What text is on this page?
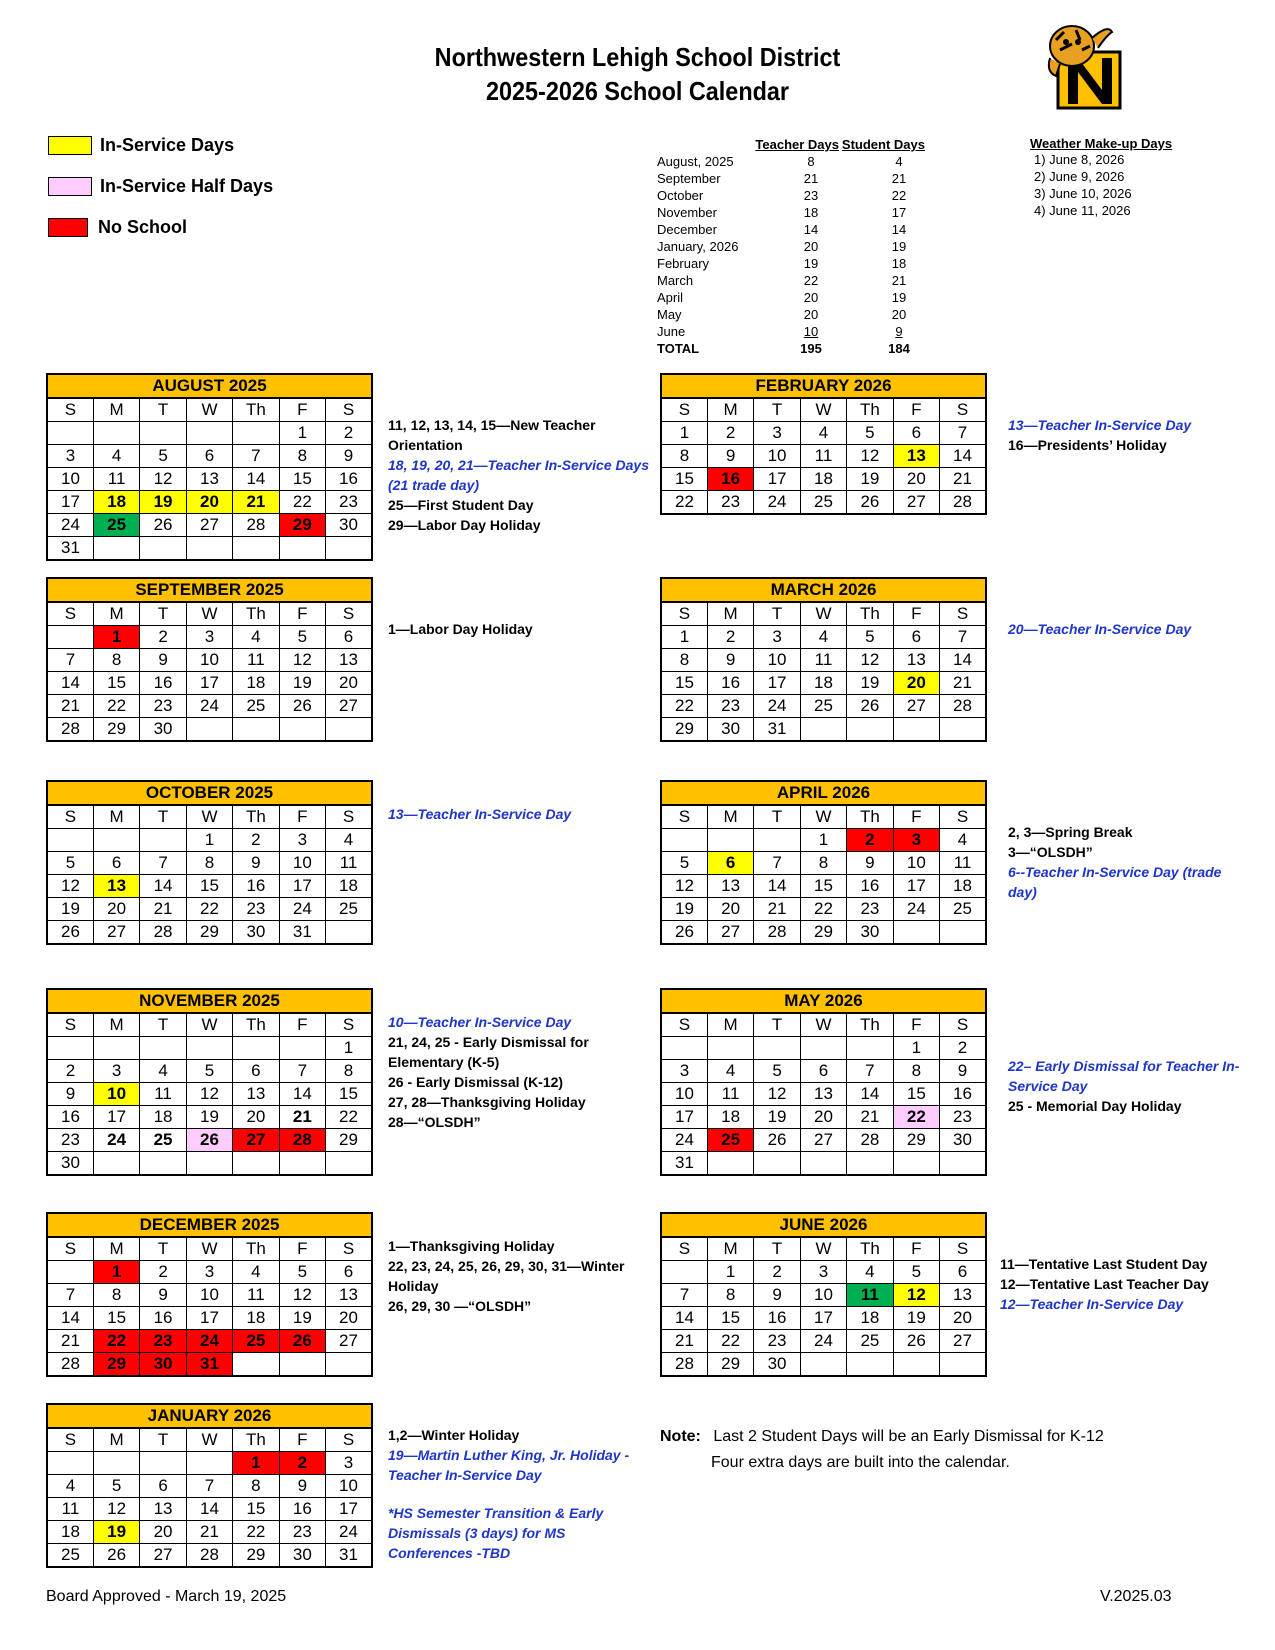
Northwestern Lehigh School District
2025-2026 School Calendar
In-Service Days
In-Service Half Days
No School
	Teacher Days	Student Days
August, 2025	8	4
September	21	21
October	23	22
November	18	17
December	14	14
January, 2026	20	19
February	19	18
March	22	21
April	20	19
May	20	20
June	10	9
TOTAL	195	184
Weather Make-up Days
1) June 8, 2026
2) June 9, 2026
3) June 10, 2026
4) June 11, 2026
AUGUST 2025
S	M	T	W	Th	F	S
					1	2
3	4	5	6	7	8	9
10	11	12	13	14	15	16
17	18	19	20	21	22	23
24	25	26	27	28	29	30
31						
11, 12, 13, 14, 15—New Teacher Orientation
18, 19, 20, 21—Teacher In-Service Days (21 trade day)
25—First Student Day
29—Labor Day Holiday
SEPTEMBER 2025
S	M	T	W	Th	F	S
	1	2	3	4	5	6
7	8	9	10	11	12	13
14	15	16	17	18	19	20
21	22	23	24	25	26	27
28	29	30				
1—Labor Day Holiday
OCTOBER 2025
S	M	T	W	Th	F	S
			1	2	3	4
5	6	7	8	9	10	11
12	13	14	15	16	17	18
19	20	21	22	23	24	25
26	27	28	29	30	31	
13—Teacher In-Service Day
NOVEMBER 2025
S	M	T	W	Th	F	S
						1
2	3	4	5	6	7	8
9	10	11	12	13	14	15
16	17	18	19	20	21	22
23	24	25	26	27	28	29
30						
10—Teacher In-Service Day
21, 24, 25 - Early Dismissal for Elementary (K-5)
26 - Early Dismissal (K-12)
27, 28—Thanksgiving Holiday
28—“OLSDH”
DECEMBER 2025
S	M	T	W	Th	F	S
	1	2	3	4	5	6
7	8	9	10	11	12	13
14	15	16	17	18	19	20
21	22	23	24	25	26	27
28	29	30	31			
1—Thanksgiving Holiday
22, 23, 24, 25, 26, 29, 30, 31—Winter Holiday
26, 29, 30 —“OLSDH”
JANUARY 2026
S	M	T	W	Th	F	S
				1	2	3
4	5	6	7	8	9	10
11	12	13	14	15	16	17
18	19	20	21	22	23	24
25	26	27	28	29	30	31
1,2—Winter Holiday
19—Martin Luther King, Jr. Holiday - Teacher In-Service Day
*HS Semester Transition & Early Dismissals (3 days) for MS Conferences -TBD
FEBRUARY 2026
S	M	T	W	Th	F	S
1	2	3	4	5	6	7
8	9	10	11	12	13	14
15	16	17	18	19	20	21
22	23	24	25	26	27	28
13—Teacher In-Service Day
16—Presidents’ Holiday
MARCH 2026
S	M	T	W	Th	F	S
1	2	3	4	5	6	7
8	9	10	11	12	13	14
15	16	17	18	19	20	21
22	23	24	25	26	27	28
29	30	31				
20—Teacher In-Service Day
APRIL 2026
S	M	T	W	Th	F	S
			1	2	3	4
5	6	7	8	9	10	11
12	13	14	15	16	17	18
19	20	21	22	23	24	25
26	27	28	29	30		
2, 3—Spring Break
3—“OLSDH”
6--Teacher In-Service Day (trade day)
MAY 2026
S	M	T	W	Th	F	S
					1	2
3	4	5	6	7	8	9
10	11	12	13	14	15	16
17	18	19	20	21	22	23
24	25	26	27	28	29	30
31						
22– Early Dismissal for Teacher In-Service Day
25 - Memorial Day Holiday
JUNE 2026
S	M	T	W	Th	F	S
	1	2	3	4	5	6
7	8	9	10	11	12	13
14	15	16	17	18	19	20
21	22	23	24	25	26	27
28	29	30				
11—Tentative Last Student Day
12—Tentative Last Teacher Day
12—Teacher In-Service Day
Note: Last 2 Student Days will be an Early Dismissal for K-12
Four extra days are built into the calendar.
Board Approved - March 19, 2025	V.2025.03
